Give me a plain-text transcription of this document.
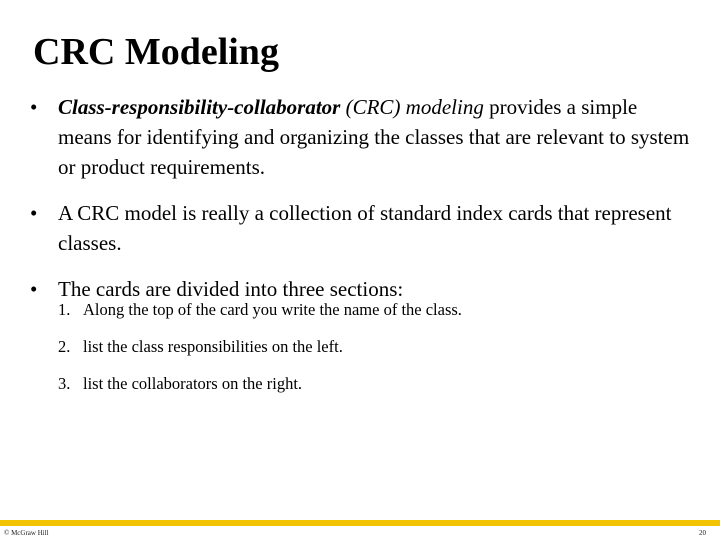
CRC Modeling
• Class-responsibility-collaborator (CRC) modeling provides a simple means for identifying and organizing the classes that are relevant to system or product requirements.
• A CRC model is really a collection of standard index cards that represent classes.
• The cards are divided into three sections:
1. Along the top of the card you write the name of the class.
2. list the class responsibilities on the left.
3. list the collaborators on the right.
© McGraw Hill	20
